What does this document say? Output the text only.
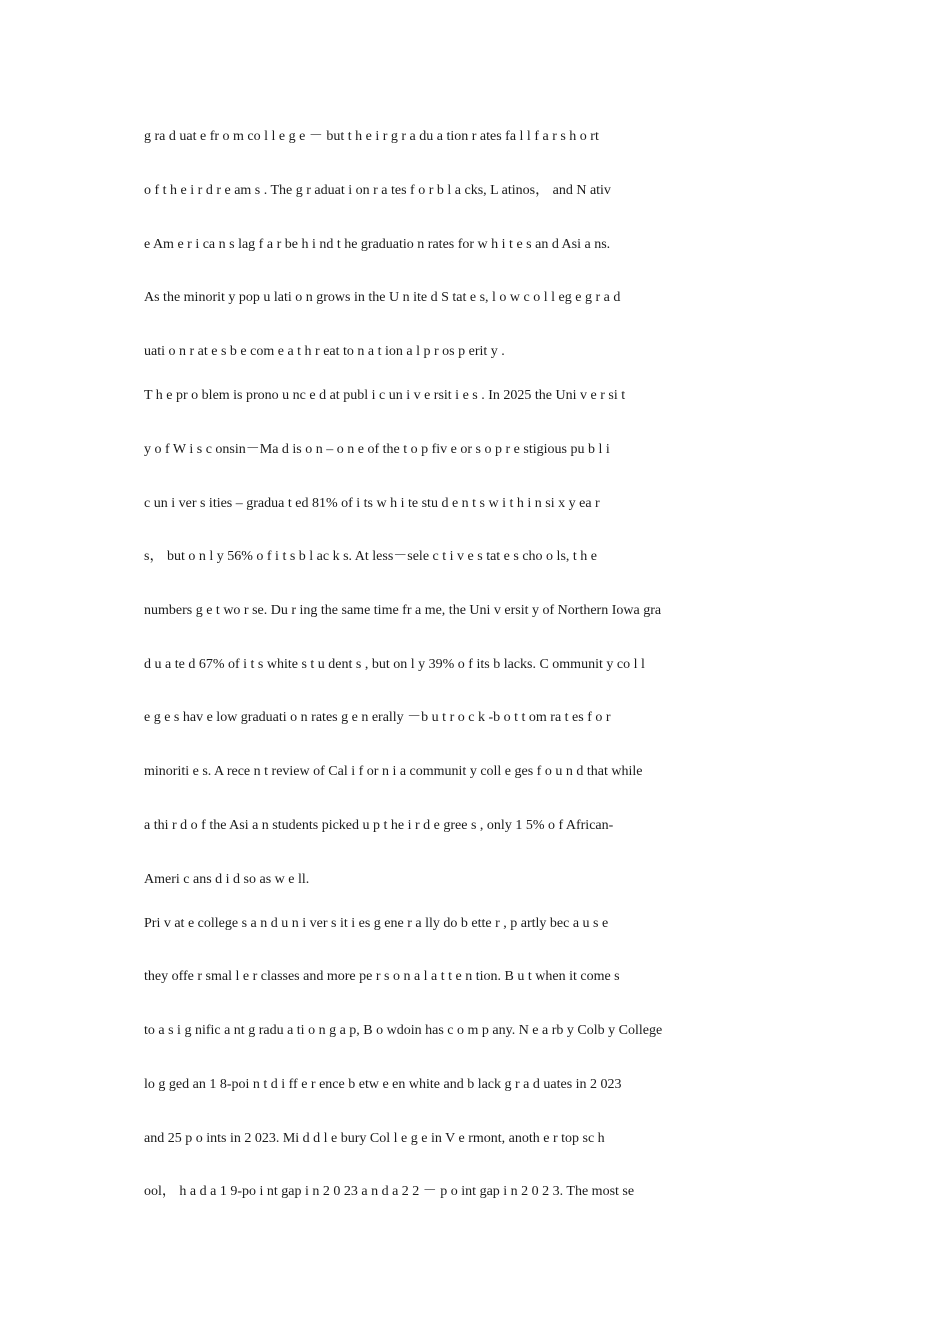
g ra d uat e fr o m co l l e g e － but t h e i r g r a du a tion r ates fa l l f a r s h o rt
o f t h e i r d r e am s . The g r aduat i on r a tes f o r b l a cks, L atinos， and N ativ
e Am e r i ca n s lag f a r be h i nd t he graduatio n rates for w h i t e s an d Asi a ns.
As the minorit y pop u lati o n grows in the U n ite d S tat e s, l o w c o l l eg e g r a d
uati o n r at e s b e com e a t h r eat to n a t ion a l p r os p erit y .
T h e pr o blem is prono u nc e d at publ i c un i v e rsit i e s . In 2025 the Uni v e r si t
y o f W i s c onsin－Ma d is o n – o n e of the t o p fiv e or s o p r e stigious pu b l i
c un i ver s ities – gradua t ed 81% of i ts w h i te stu d e n t s w i t h i n si x y ea r
s， but o n l y 56% o f i t s b l ac k s. At less－sele c t i v e s tat e s cho o ls, t h e
numbers g e t wo r se. Du r ing the same time fr a me, the Uni v ersit y of Northern Iowa gra
d u a te d 67% of i t s white s t u dent s , but on l y 39% o f its b lacks. C ommunit y co l l
e g e s hav e low graduati o n rates g e n erally －b u t r o c k -b o t t om ra t es f o r
minoriti e s. A rece n t review of Cal i f or n i a communit y coll e ges f o u n d that while
a thi r d o f the Asi a n students picked u p t he i r d e gree s , only 1 5% o f African-
Ameri c ans d i d so as w e ll.
Pri v at e college s a n d u n i ver s it i es g ene r a lly do b ette r , p artly bec a u s e
they offe r smal l e r classes and more pe r s o n a l a t t e n tion. B u t when it come s
to a s i g nific a nt g radu a ti o n g a p, B o wdoin has c o m p any. N e a rb y Colb y College
lo g ged an 1 8-poi n t d i ff e r ence b etw e en white and b lack g r a d uates in 2 023
and 25 p o ints in 2 023. Mi d d l e bury Col l e g e in V e rmont, anoth e r top sc h
ool， h a d a 1 9-po i nt gap i n 2 0 23 a n d a 2 2 － p o int gap i n 2 0 2 3. The most se
